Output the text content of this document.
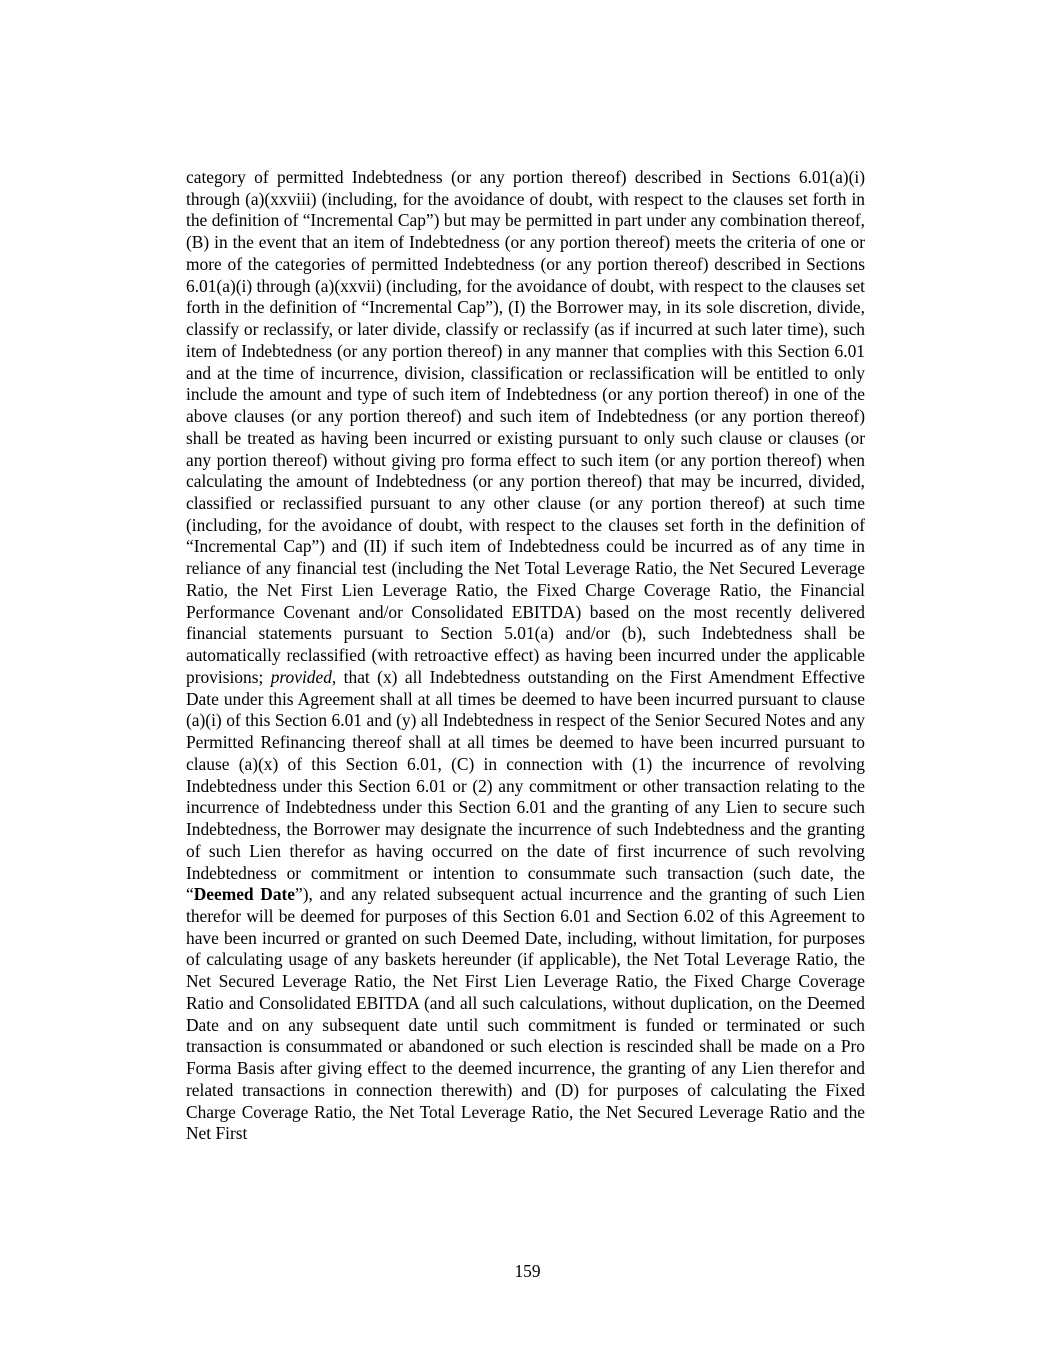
category of permitted Indebtedness (or any portion thereof) described in Sections 6.01(a)(i) through (a)(xxviii) (including, for the avoidance of doubt, with respect to the clauses set forth in the definition of “Incremental Cap”) but may be permitted in part under any combination thereof, (B) in the event that an item of Indebtedness (or any portion thereof) meets the criteria of one or more of the categories of permitted Indebtedness (or any portion thereof) described in Sections 6.01(a)(i) through (a)(xxvii) (including, for the avoidance of doubt, with respect to the clauses set forth in the definition of “Incremental Cap”), (I) the Borrower may, in its sole discretion, divide, classify or reclassify, or later divide, classify or reclassify (as if incurred at such later time), such item of Indebtedness (or any portion thereof) in any manner that complies with this Section 6.01 and at the time of incurrence, division, classification or reclassification will be entitled to only include the amount and type of such item of Indebtedness (or any portion thereof) in one of the above clauses (or any portion thereof) and such item of Indebtedness (or any portion thereof) shall be treated as having been incurred or existing pursuant to only such clause or clauses (or any portion thereof) without giving pro forma effect to such item (or any portion thereof) when calculating the amount of Indebtedness (or any portion thereof) that may be incurred, divided, classified or reclassified pursuant to any other clause (or any portion thereof) at such time (including, for the avoidance of doubt, with respect to the clauses set forth in the definition of “Incremental Cap”) and (II) if such item of Indebtedness could be incurred as of any time in reliance of any financial test (including the Net Total Leverage Ratio, the Net Secured Leverage Ratio, the Net First Lien Leverage Ratio, the Fixed Charge Coverage Ratio, the Financial Performance Covenant and/or Consolidated EBITDA) based on the most recently delivered financial statements pursuant to Section 5.01(a) and/or (b), such Indebtedness shall be automatically reclassified (with retroactive effect) as having been incurred under the applicable provisions; provided, that (x) all Indebtedness outstanding on the First Amendment Effective Date under this Agreement shall at all times be deemed to have been incurred pursuant to clause (a)(i) of this Section 6.01 and (y) all Indebtedness in respect of the Senior Secured Notes and any Permitted Refinancing thereof shall at all times be deemed to have been incurred pursuant to clause (a)(x) of this Section 6.01, (C) in connection with (1) the incurrence of revolving Indebtedness under this Section 6.01 or (2) any commitment or other transaction relating to the incurrence of Indebtedness under this Section 6.01 and the granting of any Lien to secure such Indebtedness, the Borrower may designate the incurrence of such Indebtedness and the granting of such Lien therefor as having occurred on the date of first incurrence of such revolving Indebtedness or commitment or intention to consummate such transaction (such date, the “Deemed Date”), and any related subsequent actual incurrence and the granting of such Lien therefor will be deemed for purposes of this Section 6.01 and Section 6.02 of this Agreement to have been incurred or granted on such Deemed Date, including, without limitation, for purposes of calculating usage of any baskets hereunder (if applicable), the Net Total Leverage Ratio, the Net Secured Leverage Ratio, the Net First Lien Leverage Ratio, the Fixed Charge Coverage Ratio and Consolidated EBITDA (and all such calculations, without duplication, on the Deemed Date and on any subsequent date until such commitment is funded or terminated or such transaction is consummated or abandoned or such election is rescinded shall be made on a Pro Forma Basis after giving effect to the deemed incurrence, the granting of any Lien therefor and related transactions in connection therewith) and (D) for purposes of calculating the Fixed Charge Coverage Ratio, the Net Total Leverage Ratio, the Net Secured Leverage Ratio and the Net First

159
